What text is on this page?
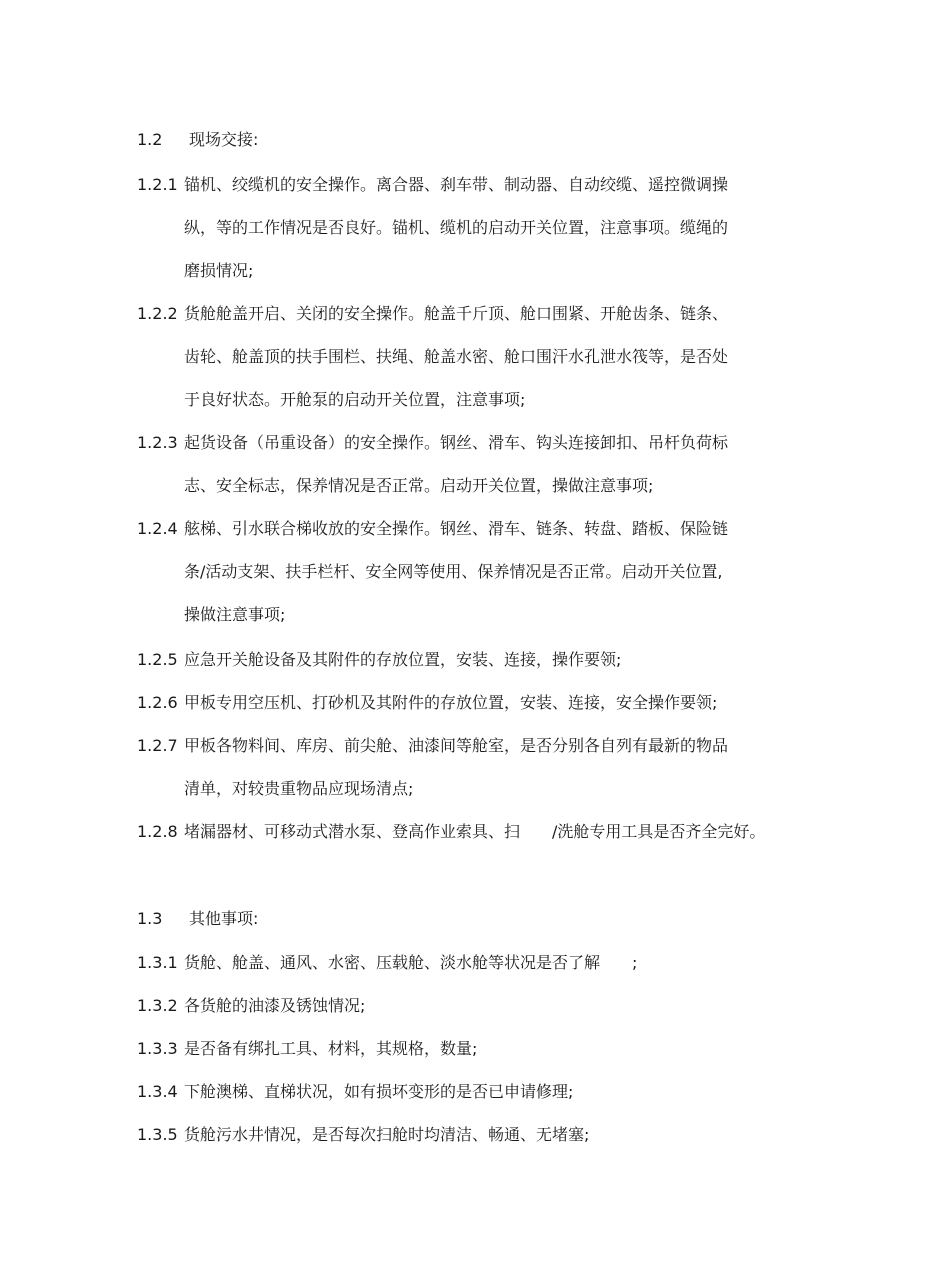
1.2 现场交接:
1.2.1 锚机、绞缆机的安全操作。离合器、刹车带、制动器、自动绞缆、遥控微调操
纵，等的工作情况是否良好。锚机、缆机的启动开关位置，注意事项。缆绳的
磨损情况;
1.2.2 货舱舱盖开启、关闭的安全操作。舱盖千斤顶、舱口围紧、开舱齿条、链条、
齿轮、舱盖顶的扶手围栏、扶绳、舱盖水密、舱口围汗水孔泄水筏等，是否处
于良好状态。开舱泵的启动开关位置，注意事项;
1.2.3 起货设备（吊重设备）的安全操作。钢丝、滑车、钩头连接卸扣、吊杆负荷标
志、安全标志，保养情况是否正常。启动开关位置，操做注意事项;
1.2.4 舷梯、引水联合梯收放的安全操作。钢丝、滑车、链条、转盘、踏板、保险链
条/活动支架、扶手栏杆、安全网等使用、保养情况是否正常。启动开关位置,
操做注意事项;
1.2.5 应急开关舱设备及其附件的存放位置，安装、连接，操作要领;
1.2.6 甲板专用空压机、打砂机及其附件的存放位置，安装、连接，安全操作要领;
1.2.7 甲板各物料间、库房、前尖舱、油漆间等舱室，是否分别各自列有最新的物品
清单，对较贵重物品应现场清点;
1.2.8 堵漏器材、可移动式潜水泵、登高作业索具、扫　　/洗舱专用工具是否齐全完好。
1.3 其他事项:
1.3.1 货舱、舱盖、通风、水密、压载舱、淡水舱等状况是否了解　　;
1.3.2 各货舱的油漆及锈蚀情况;
1.3.3 是否备有绑扎工具、材料，其规格，数量;
1.3.4 下舱澳梯、直梯状况，如有损坏变形的是否已申请修理;
1.3.5 货舱污水井情况，是否每次扫舱时均清洁、畅通、无堵塞;
